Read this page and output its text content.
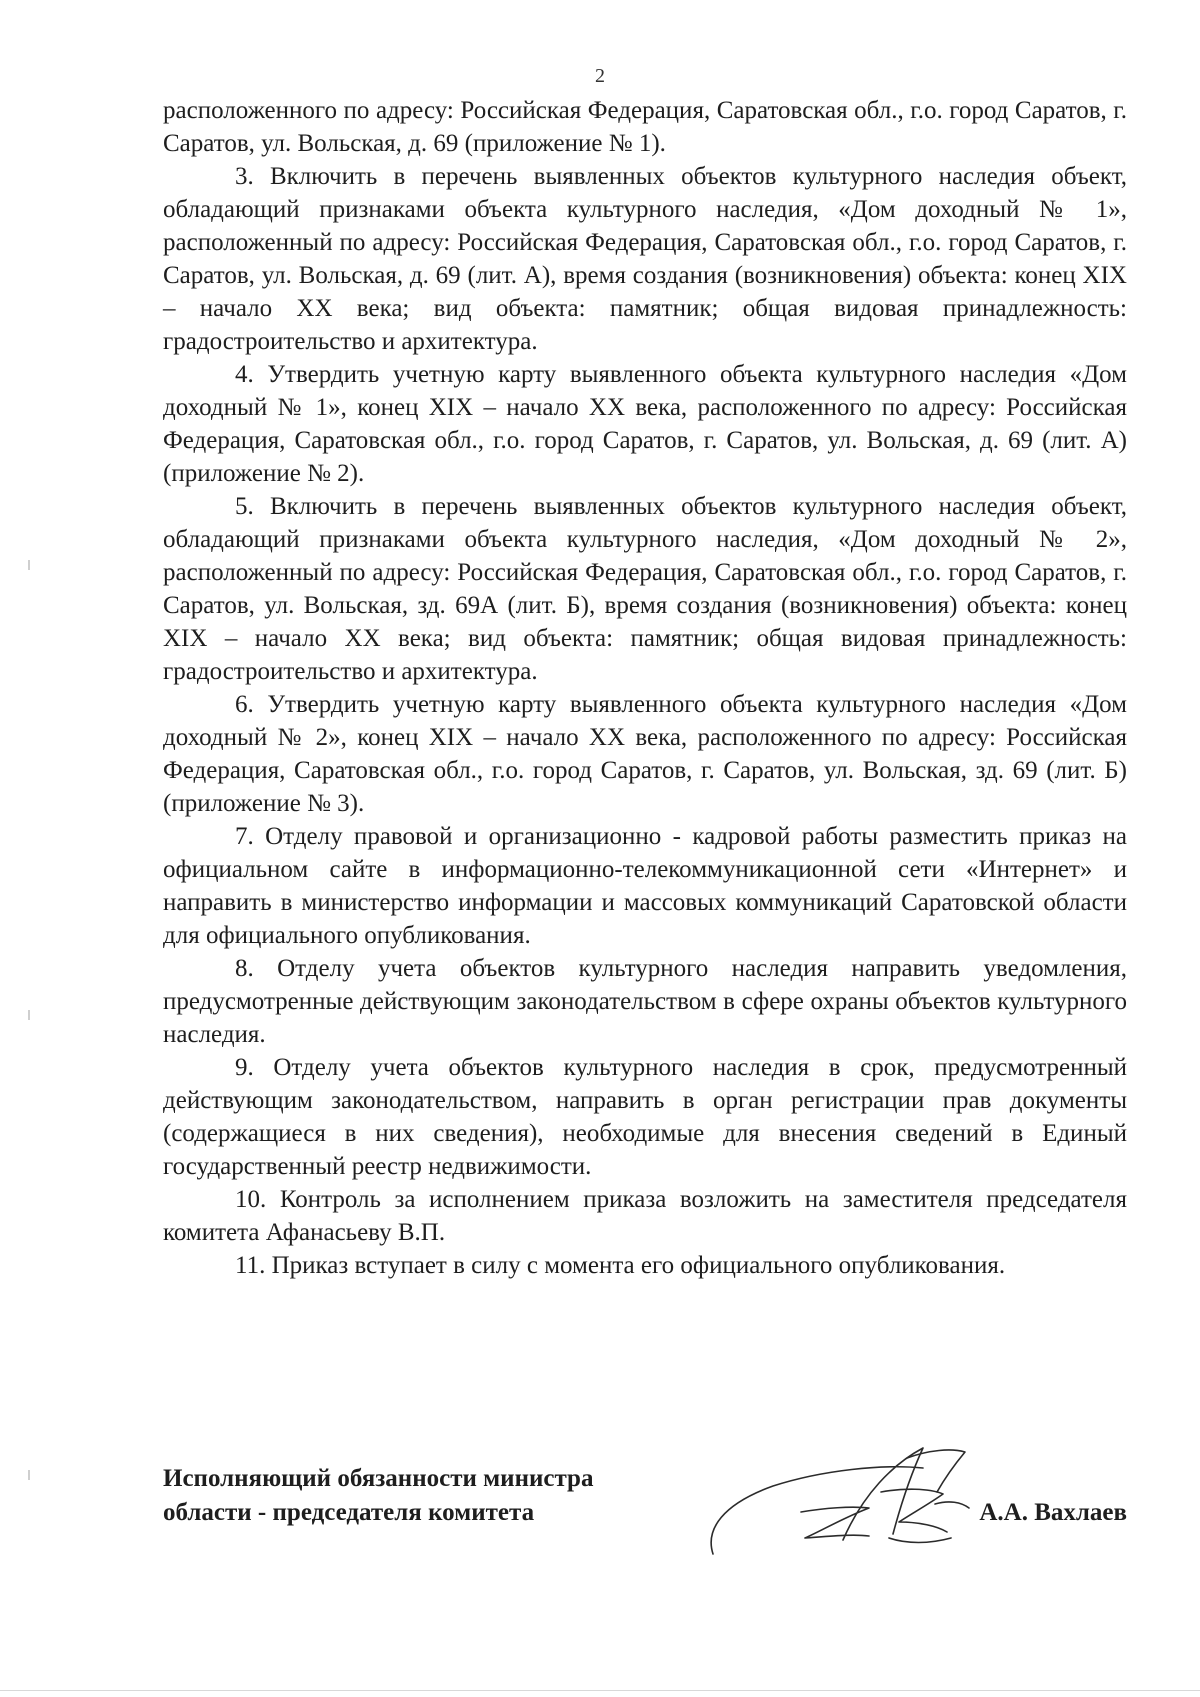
2

расположенного по адресу: Российская Федерация, Саратовская обл., г.о. город Саратов, г. Саратов, ул. Вольская, д. 69 (приложение № 1).

3. Включить в перечень выявленных объектов культурного наследия объект, обладающий признаками объекта культурного наследия, «Дом доходный № 1», расположенный по адресу: Российская Федерация, Саратовская обл., г.о. город Саратов, г. Саратов, ул. Вольская, д. 69 (лит. А), время создания (возникновения) объекта: конец XIX – начало XX века; вид объекта: памятник; общая видовая принадлежность: градостроительство и архитектура.

4. Утвердить учетную карту выявленного объекта культурного наследия «Дом доходный № 1», конец XIX – начало XX века, расположенного по адресу: Российская Федерация, Саратовская обл., г.о. город Саратов, г. Саратов, ул. Вольская, д. 69 (лит. А) (приложение № 2).

5. Включить в перечень выявленных объектов культурного наследия объект, обладающий признаками объекта культурного наследия, «Дом доходный № 2», расположенный по адресу: Российская Федерация, Саратовская обл., г.о. город Саратов, г. Саратов, ул. Вольская, зд. 69А (лит. Б), время создания (возникновения) объекта: конец XIX – начало XX века; вид объекта: памятник; общая видовая принадлежность: градостроительство и архитектура.

6. Утвердить учетную карту выявленного объекта культурного наследия «Дом доходный № 2», конец XIX – начало XX века, расположенного по адресу: Российская Федерация, Саратовская обл., г.о. город Саратов, г. Саратов, ул. Вольская, зд. 69 (лит. Б)(приложение № 3).

7. Отделу правовой и организационно - кадровой работы разместить приказ на официальном сайте в информационно-телекоммуникационной сети «Интернет» и направить в министерство информации и массовых коммуникаций Саратовской области для официального опубликования.

8. Отделу учета объектов культурного наследия направить уведомления, предусмотренные действующим законодательством в сфере охраны объектов культурного наследия.

9. Отделу учета объектов культурного наследия в срок, предусмотренный действующим законодательством, направить в орган регистрации прав документы (содержащиеся в них сведения), необходимые для внесения сведений в Единый государственный реестр недвижимости.

10. Контроль за исполнением приказа возложить на заместителя председателя комитета Афанасьеву В.П.

11. Приказ вступает в силу с момента его официального опубликования.

Исполняющий обязанности министра
области - председателя комитета	А.А. Вахлаев
